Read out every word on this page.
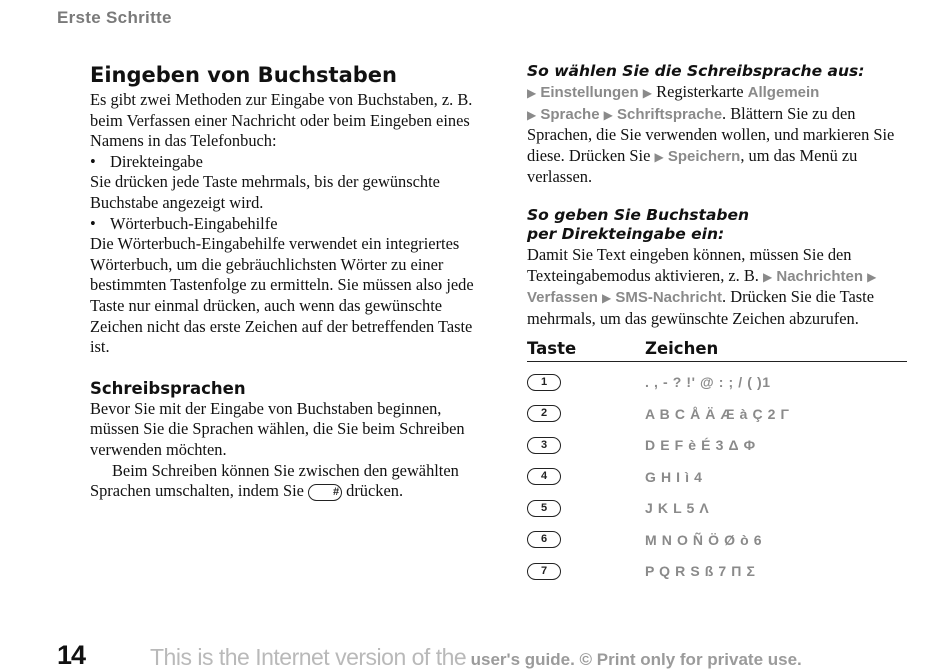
Erste Schritte
Eingeben von Buchstaben

Es gibt zwei Methoden zur Eingabe von Buchstaben, z. B. beim Verfassen einer Nachricht oder beim Eingeben eines Namens in das Telefonbuch:

• Direkteingabe

Sie drücken jede Taste mehrmals, bis der gewünschte Buchstabe angezeigt wird.

• Wörterbuch-Eingabehilfe

Die Wörterbuch-Eingabehilfe verwendet ein integriertes Wörterbuch, um die gebräuchlichsten Wörter zu einer bestimmten Tastenfolge zu ermitteln. Sie müssen also jede Taste nur einmal drücken, auch wenn das gewünschte Zeichen nicht das erste Zeichen auf der betreffenden Taste ist.

Schreibsprachen

Bevor Sie mit der Eingabe von Buchstaben beginnen, müssen Sie die Sprachen wählen, die Sie beim Schreiben verwenden möchten.

Beim Schreiben können Sie zwischen den gewählten Sprachen umschalten, indem Sie	# drücken.

So wählen Sie die Schreibsprache aus:

▶ Einstellungen ▶ Registerkarte Allgemein
▶ Sprache ▶ Schriftsprache. Blättern Sie zu den Sprachen, die Sie verwenden wollen, und markieren Sie diese. Drücken Sie ▶ Speichern, um das Menü zu verlassen.

So geben Sie Buchstaben
per Direkteingabe ein:

Damit Sie Text eingeben können, müssen Sie den Texteingabemodus aktivieren, z. B. ▶ Nachrichten ▶ Verfassen ▶ SMS-Nachricht. Drücken Sie die Taste mehrmals, um das gewünschte Zeichen abzurufen.

Taste	Zeichen
1	. , - ? !' @ : ; / ( )1
2	A B C Å Ä Æ à Ç 2 Γ
3	D E F è É 3 Δ Φ
4	G H I ì 4
5	J K L 5 Λ
6	M N O Ñ Ö Ø ò 6
7	P Q R S ß 7 Π Σ
14	This is the Internet version of the user's guide. © Print only for private use.
